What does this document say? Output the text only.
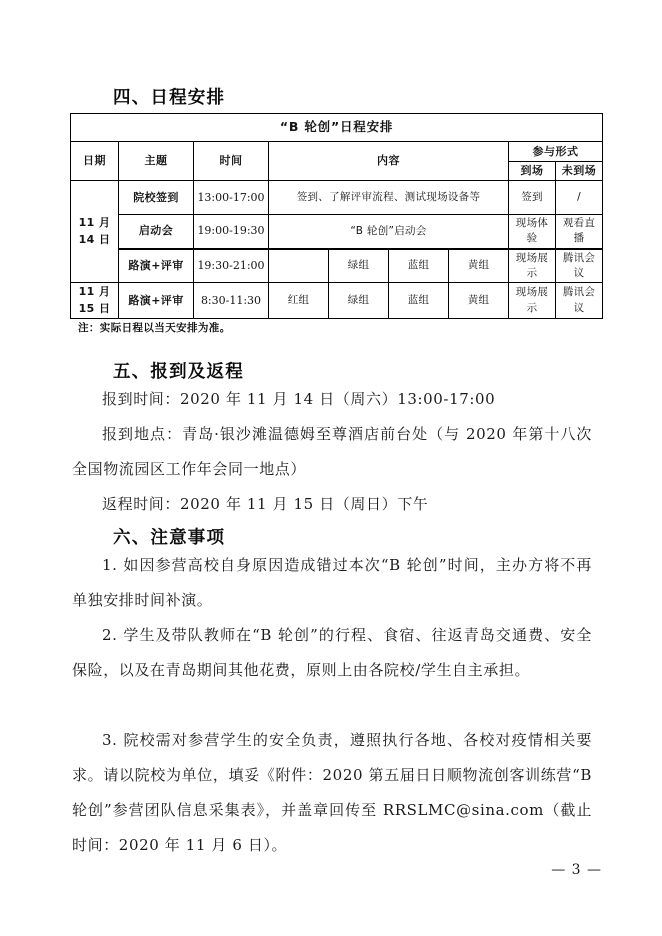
四、日程安排
“B 轮创”日程安排								
日期	主题	时间	内容				参与形式	
							到场	未到场
11 月
14 日	院校签到	13:00-17:00	签到、了解评审流程、测试现场设备等				签到	/
	启动会	19:00-19:30	“B 轮创”启动会				现场体验	观看直播
	路演+评审	19:30-21:00		绿组	蓝组	黄组	现场展示	腾讯会议
11 月
15 日	路演+评审	8:30-11:30	红组	绿组	蓝组	黄组	现场展示	腾讯会议
注：实际日程以当天安排为准。
五、报到及返程
报到时间：2020 年 11 月 14 日（周六）13:00-17:00
报到地点：青岛·银沙滩温德姆至尊酒店前台处（与 2020 年第十八次全国物流园区工作年会同一地点）
返程时间：2020 年 11 月 15 日（周日）下午
六、注意事项
1. 如因参营高校自身原因造成错过本次“B 轮创”时间，主办方将不再单独安排时间补演。
2. 学生及带队教师在“B 轮创”的行程、食宿、往返青岛交通费、安全保险，以及在青岛期间其他花费，原则上由各院校/学生自主承担。
3. 院校需对参营学生的安全负责，遵照执行各地、各校对疫情相关要求。请以院校为单位，填妥《附件：2020 第五届日日顺物流创客训练营“B 轮创”参营团队信息采集表》，并盖章回传至 RRSLMC@sina.com（截止时间：2020 年 11 月 6 日）。
— 3 —
